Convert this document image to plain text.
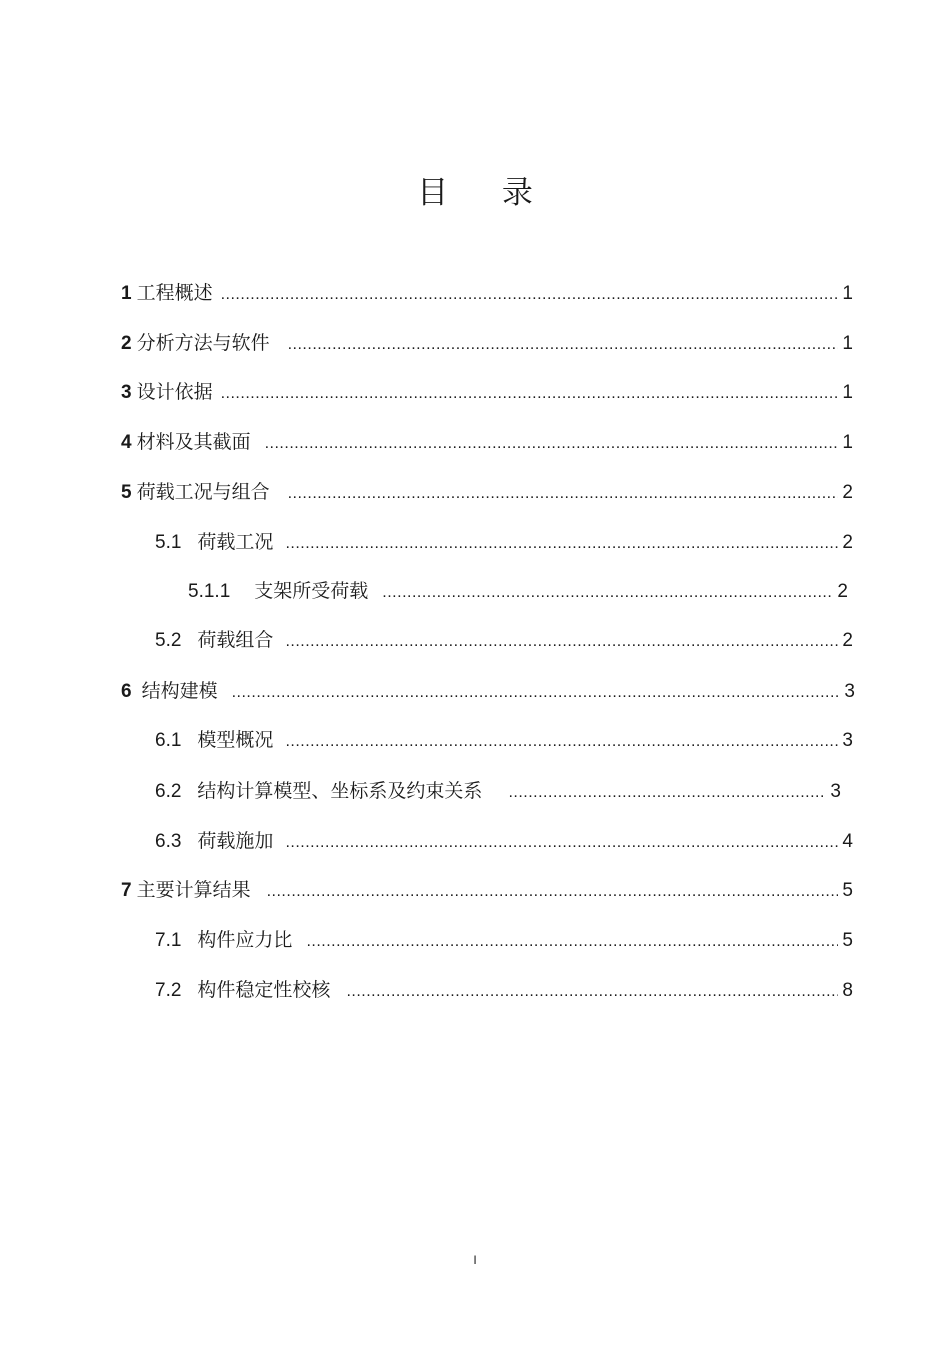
目 录
1 工程概述 .....	1
2 分析方法与软件 .....	1
3 设计依据 .....	1
4 材料及其截面 .....	1
5 荷载工况与组合 .....	2
5.1 荷载工况 .....	2
5.1.1 支架所受荷载 .....	2
5.2 荷载组合 .....	2
6 结构建模 .....	3
6.1 模型概况 .....	3
6.2 结构计算模型、坐标系及约束关系 .....	3
6.3 荷载施加 .....	4
7 主要计算结果 .....	5
7.1 构件应力比 .....	5
7.2 构件稳定性校核 .....	8
I
